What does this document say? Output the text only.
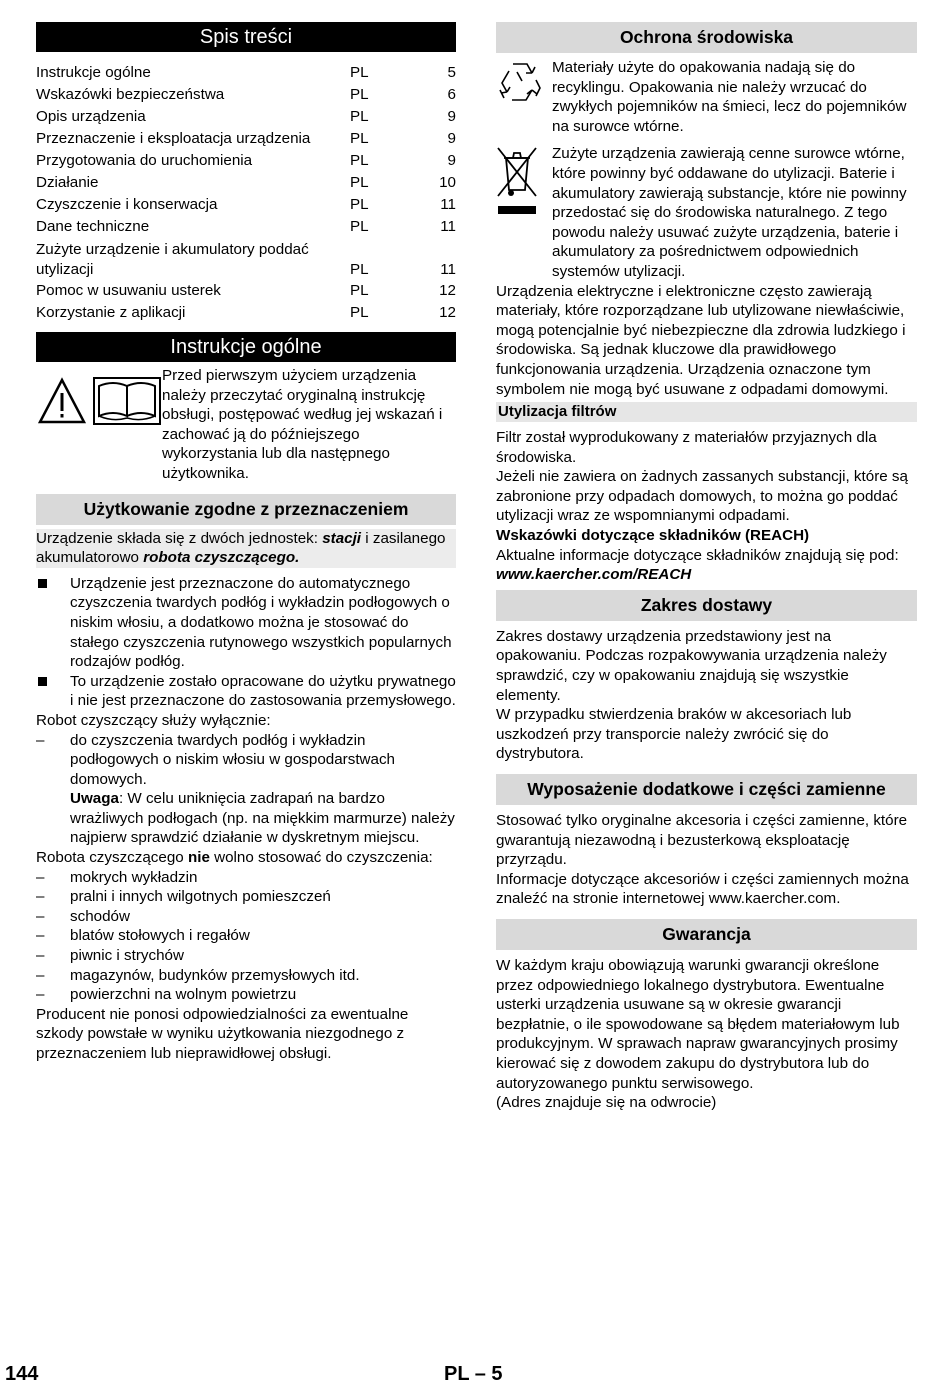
Spis treści
Instrukcje ogólne	PL	5
Wskazówki bezpieczeństwa	PL	6
Opis urządzenia	PL	9
Przeznaczenie i eksploatacja urządzenia	PL	9
Przygotowania do uruchomienia	PL	9
Działanie	PL	10
Czyszczenie i konserwacja	PL	11
Dane techniczne	PL	11
Zużyte urządzenie i akumulatory poddać utylizacji	PL	11
Pomoc w usuwaniu usterek	PL	12
Korzystanie z aplikacji	PL	12
Instrukcje ogólne

Przed pierwszym użyciem urządzenia należy przeczytać oryginalną instrukcję obsługi, postępować według jej wskazań i zachować ją do późniejszego wykorzystania lub dla następnego użytkownika.

Użytkowanie zgodne z przeznaczeniem

Urządzenie składa się z dwóch jednostek: stacji i zasilanego akumulatorowo robota czyszczącego.

Urządzenie jest przeznaczone do automatycznego czyszczenia twardych podłóg i wykładzin podłogowych o niskim włosiu, a dodatkowo można je stosować do stałego czyszczenia rutynowego wszystkich popularnych rodzajów podłóg.
To urządzenie zostało opracowane do użytku prywatnego i nie jest przeznaczone do zastosowania przemysłowego.

Robot czyszczący służy wyłącznie:

–	do czyszczenia twardych podłóg i wykładzin podłogowych o niskim włosiu w gospodarstwach domowych.
Uwaga: W celu uniknięcia zadrapań na bardzo wrażliwych podłogach (np. na miękkim marmurze) należy najpierw sprawdzić działanie w dyskretnym miejscu.

Robota czyszczącego nie wolno stosować do czyszczenia:

–	mokrych wykładzin
–	pralni i innych wilgotnych pomieszczeń
–	schodów
–	blatów stołowych i regałów
–	piwnic i strychów
–	magazynów, budynków przemysłowych itd.
–	powierzchni na wolnym powietrzu

Producent nie ponosi odpowiedzialności za ewentualne szkody powstałe w wyniku użytkowania niezgodnego z przeznaczeniem lub nieprawidłowej obsługi.

Ochrona środowiska

Materiały użyte do opakowania nadają się do recyklingu. Opakowania nie należy wrzucać do zwykłych pojemników na śmieci, lecz do pojemników na surowce wtórne.

Zużyte urządzenia zawierają cenne surowce wtórne, które powinny być oddawane do utylizacji. Baterie i akumulatory zawierają substancje, które nie powinny przedostać się do środowiska naturalnego. Z tego powodu należy usuwać zużyte urządzenia, baterie i akumulatory za pośrednictwem odpowiednich systemów utylizacji.

Urządzenia elektryczne i elektroniczne często zawierają materiały, które rozporządzane lub utylizowane niewłaściwie, mogą potencjalnie być niebezpieczne dla zdrowia ludzkiego i środowiska. Są jednak kluczowe dla prawidłowego funkcjonowania urządzenia. Urządzenia oznaczone tym symbolem nie mogą być usuwane z odpadami domowymi.

Utylizacja filtrów

Filtr został wyprodukowany z materiałów przyjaznych dla środowiska.

Jeżeli nie zawiera on żadnych zassanych substancji, które są zabronione przy odpadach domowych, to można go poddać utylizacji wraz ze wspomnianymi odpadami.

Wskazówki dotyczące składników (REACH)

Aktualne informacje dotyczące składników znajdują się pod:

www.kaercher.com/REACH

Zakres dostawy

Zakres dostawy urządzenia przedstawiony jest na opakowaniu. Podczas rozpakowywania urządzenia należy sprawdzić, czy w opakowaniu znajdują się wszystkie elementy.

W przypadku stwierdzenia braków w akcesoriach lub uszkodzeń przy transporcie należy zwrócić się do dystrybutora.

Wyposażenie dodatkowe i części zamienne

Stosować tylko oryginalne akcesoria i części zamienne, które gwarantują niezawodną i bezusterkową eksploatację przyrządu.

Informacje dotyczące akcesoriów i części zamiennych można znaleźć na stronie internetowej www.kaercher.com.

Gwarancja

W każdym kraju obowiązują warunki gwarancji określone przez odpowiedniego lokalnego dystrybutora. Ewentualne usterki urządzenia usuwane są w okresie gwarancji bezpłatnie, o ile spowodowane są błędem materiałowym lub produkcyjnym. W sprawach napraw gwarancyjnych prosimy kierować się z dowodem zakupu do dystrybutora lub do autoryzowanego punktu serwisowego.

(Adres znajduje się na odwrocie)

144	PL – 5
